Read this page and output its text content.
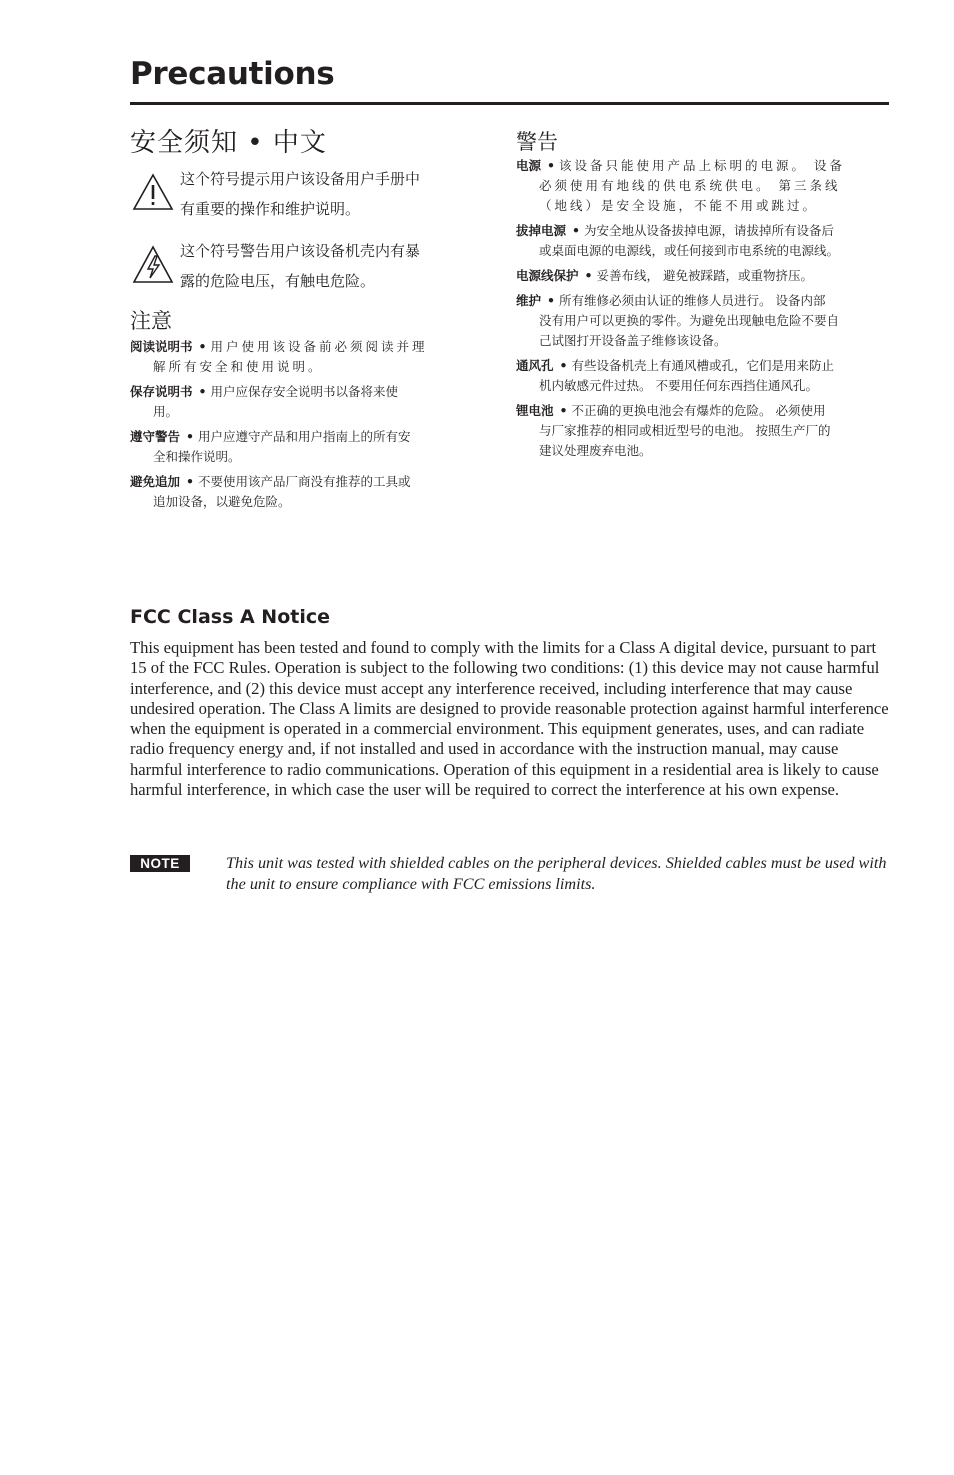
Precautions
安全须知 • 中文

这个符号提示用户该设备用户手册中
有重要的操作和维护说明。

这个符号警告用户该设备机壳内有暴
露的危险电压，有触电危险。

注意

阅读说明书 • 用户使用该设备前必须阅读并理
解所有安全和使用说明。

保存说明书 • 用户应保存安全说明书以备将来使
用。

遵守警告 • 用户应遵守产品和用户指南上的所有安
全和操作说明。

避免追加 • 不要使用该产品厂商没有推荐的工具或
追加设备，以避免危险。

警告

电源 • 该设备只能使用产品上标明的电源。 设备
必须使用有地线的供电系统供电。 第三条线
（地线）是安全设施，不能不用或跳过。

拔掉电源 • 为安全地从设备拔掉电源，请拔掉所有设备后
或桌面电源的电源线，或任何接到市电系统的电源线。

电源线保护 • 妥善布线， 避免被踩踏，或重物挤压。

维护 • 所有维修必须由认证的维修人员进行。 设备内部
没有用户可以更换的零件。为避免出现触电危险不要自
己试图打开设备盖子维修该设备。

通风孔 • 有些设备机壳上有通风槽或孔，它们是用来防止
机内敏感元件过热。 不要用任何东西挡住通风孔。

锂电池 • 不正确的更换电池会有爆炸的危险。 必须使用
与厂家推荐的相同或相近型号的电池。 按照生产厂的
建议处理废弃电池。

FCC Class A Notice

This equipment has been tested and found to comply with the limits for a Class A digital device, pursuant to part 15 of the FCC Rules. Operation is subject to the following two conditions: (1) this device may not cause harmful interference, and (2) this device must accept any interference received, including interference that may cause undesired operation. The Class A limits are designed to provide reasonable protection against harmful interference when the equipment is operated in a commercial environment. This equipment generates, uses, and can radiate radio frequency energy and, if not installed and used in accordance with the instruction manual, may cause harmful interference to radio communications. Operation of this equipment in a residential area is likely to cause harmful interference, in which case the user will be required to correct the interference at his own expense.

NOTE	This unit was tested with shielded cables on the peripheral devices. Shielded cables must be used with the unit to ensure compliance with FCC emissions limits.
